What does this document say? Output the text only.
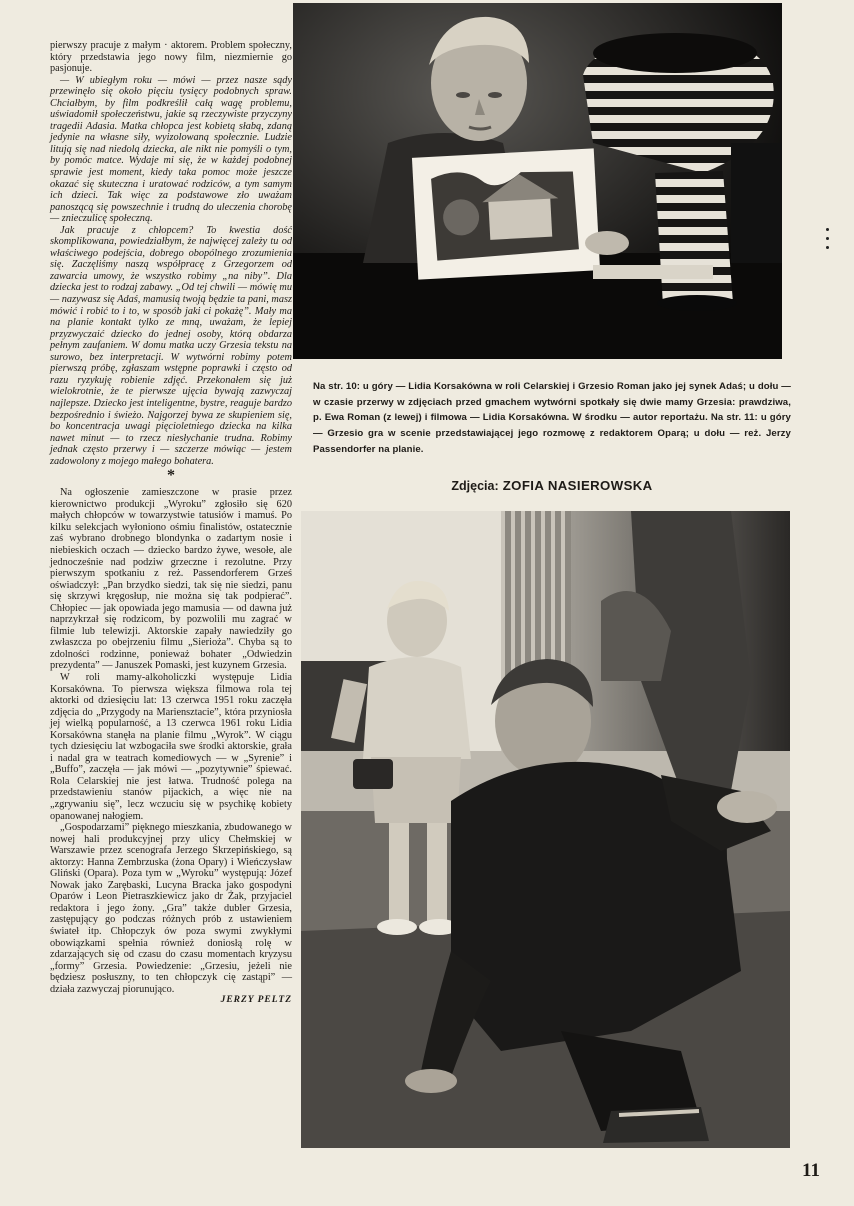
pierwszy pracuje z małym · aktorem. Problem społeczny, który przedstawia jego nowy film, niezmiernie go pasjonuje.

— W ubiegłym roku — mówi — przez nasze sądy przewinęło się około pięciu tysięcy podobnych spraw. Chciałbym, by film podkreślił całą wagę problemu, uświadomił społeczeństwu, jakie są rzeczywiste przyczyny tragedii Adasia. Matka chłopca jest kobietą słabą, zdaną jedynie na własne siły, wyizolowaną społecznie. Ludzie litują się nad niedolą dziecka, ale nikt nie pomyśli o tym, by pomóc matce. Wydaje mi się, że w każdej podobnej sprawie jest moment, kiedy taka pomoc może jeszcze okazać się skuteczna i uratować rodziców, a tym samym ich dzieci. Tak więc za podstawowe zło uważam panoszącą się powszechnie i trudną do uleczenia chorobę — znieczulicę społeczną.

Jak pracuje z chłopcem? To kwestia dość skomplikowana, powiedziałbym, że najwięcej zależy tu od właściwego podejścia, dobrego obopólnego zrozumienia się. Zaczęliśmy naszą współpracę z Grzegorzem od zawarcia umowy, że wszystko robimy „na niby”. Dla dziecka jest to rodzaj zabawy. „Od tej chwili — mówię mu — nazywasz się Adaś, mamusią twoją będzie ta pani, masz mówić i robić to i to, w sposób jaki ci pokażę”. Mały ma na planie kontakt tylko ze mną, uważam, że lepiej przyzwyczaić dziecko do jednej osoby, którą obdarza pełnym zaufaniem. W domu matka uczy Grzesia tekstu na surowo, bez interpretacji. W wytwórni robimy potem pierwszą próbę, zgłaszam wstępne poprawki i często od razu ryzykuję robienie zdjęć. Przekonałem się już wielokrotnie, że te pierwsze ujęcia bywają zazwyczaj najlepsze. Dziecko jest inteligentne, bystre, reaguje bardzo bezpośrednio i świeżo. Najgorzej bywa ze skupieniem się, bo koncentracja uwagi pięcioletniego dziecka na kilka nawet minut — to rzecz niesłychanie trudna. Robimy jednak często przerwy i — szczerze mówiąc — jestem zadowolony z mojego małego bohatera.

*

Na ogłoszenie zamieszczone w prasie przez kierownictwo produkcji „Wyroku” zgłosiło się 620 małych chłopców w towarzystwie tatusiów i mamuś. Po kilku selekcjach wyłoniono ośmiu finalistów, ostatecznie zaś wybrano drobnego blondynka o zadartym nosie i niebieskich oczach — dziecko bardzo żywe, wesołe, ale jednocześnie nad podziw grzeczne i rezolutne. Przy pierwszym spotkaniu z reż. Passendorferem Grześ oświadczył: „Pan brzydko siedzi, tak się nie siedzi, panu się skrzywi kręgosłup, nie można się tak podpierać”. Chłopiec — jak opowiada jego mamusia — od dawna już naprzykrzał się rodzicom, by pozwolili mu zagrać w filmie lub telewizji. Aktorskie zapały nawiedziły go zwłaszcza po obejrzeniu filmu „Sieriożа”. Chyba są to zdolności rodzinne, ponieważ bohater „Odwiedzin prezydenta” — Januszek Pomaski, jest kuzynem Grzesia.

W roli mamy-alkoholiczki występuje Lidia Korsakówna. To pierwsza większa filmowa rola tej aktorki od dziesięciu lat: 13 czerwca 1951 roku zaczęła zdjęcia do „Przygody na Mariensztacie”, która przyniosła jej wielką popularność, a 13 czerwca 1961 roku Lidia Korsakówna stanęła na planie filmu „Wyrok”. W ciągu tych dziesięciu lat wzbogaciła swe środki aktorskie, grała i nadal gra w teatrach komediowych — w „Syrenie” i „Buffo”, zaczęła — jak mówi — „pozytywnie” śpiewać. Rola Celarskiej nie jest łatwa. Trudność polega na przedstawieniu stanów pijackich, a więc nie na „zgrywaniu się”, lecz wczuciu się w psychikę kobiety opanowanej nałogiem.

„Gospodarzami” pięknego mieszkania, zbudowanego w nowej hali produkcyjnej przy ulicy Chełmskiej w Warszawie przez scenografa Jerzego Skrzepińskiego, są aktorzy: Hanna Zembrzuska (żona Opary) i Wieńczysław Gliński (Opara). Poza tym w „Wyroku” występują: Józef Nowak jako Zarębaski, Lucyna Bracka jako gospodyni Oparów i Leon Pietraszkiewicz jako dr Żak, przyjaciel redaktora i jego żony. „Gra” także dubler Grzesia, zastępujący go podczas różnych prób z ustawieniem świateł itp. Chłopczyk ów poza swymi zwykłymi obowiązkami spełnia również doniosłą rolę w zdarzających się od czasu do czasu momentach kryzysu „formy” Grzesia. Powiedzenie: „Grzesiu, jeżeli nie będziesz posłuszny, to ten chłopczyk cię zastąpi” — działa zazwyczaj piorunująco.

JERZY PELTZ
Na str. 10: u góry — Lidia Korsakówna w roli Celarskiej i Grzesio Roman jako jej synek Adaś; u dołu — w czasie przerwy w zdjęciach przed gmachem wytwórni spotkały się dwie mamy Grzesia: prawdziwa, p. Ewa Roman (z lewej) i filmowa — Lidia Korsakówna. W środku — autor reportażu. Na str. 11: u góry — Grzesio gra w scenie przedstawiającej jego rozmowę z redaktorem Oparą; u dołu — reż. Jerzy Passendorfer na planie.
Zdjęcia: ZOFIA NASIEROWSKA
11
